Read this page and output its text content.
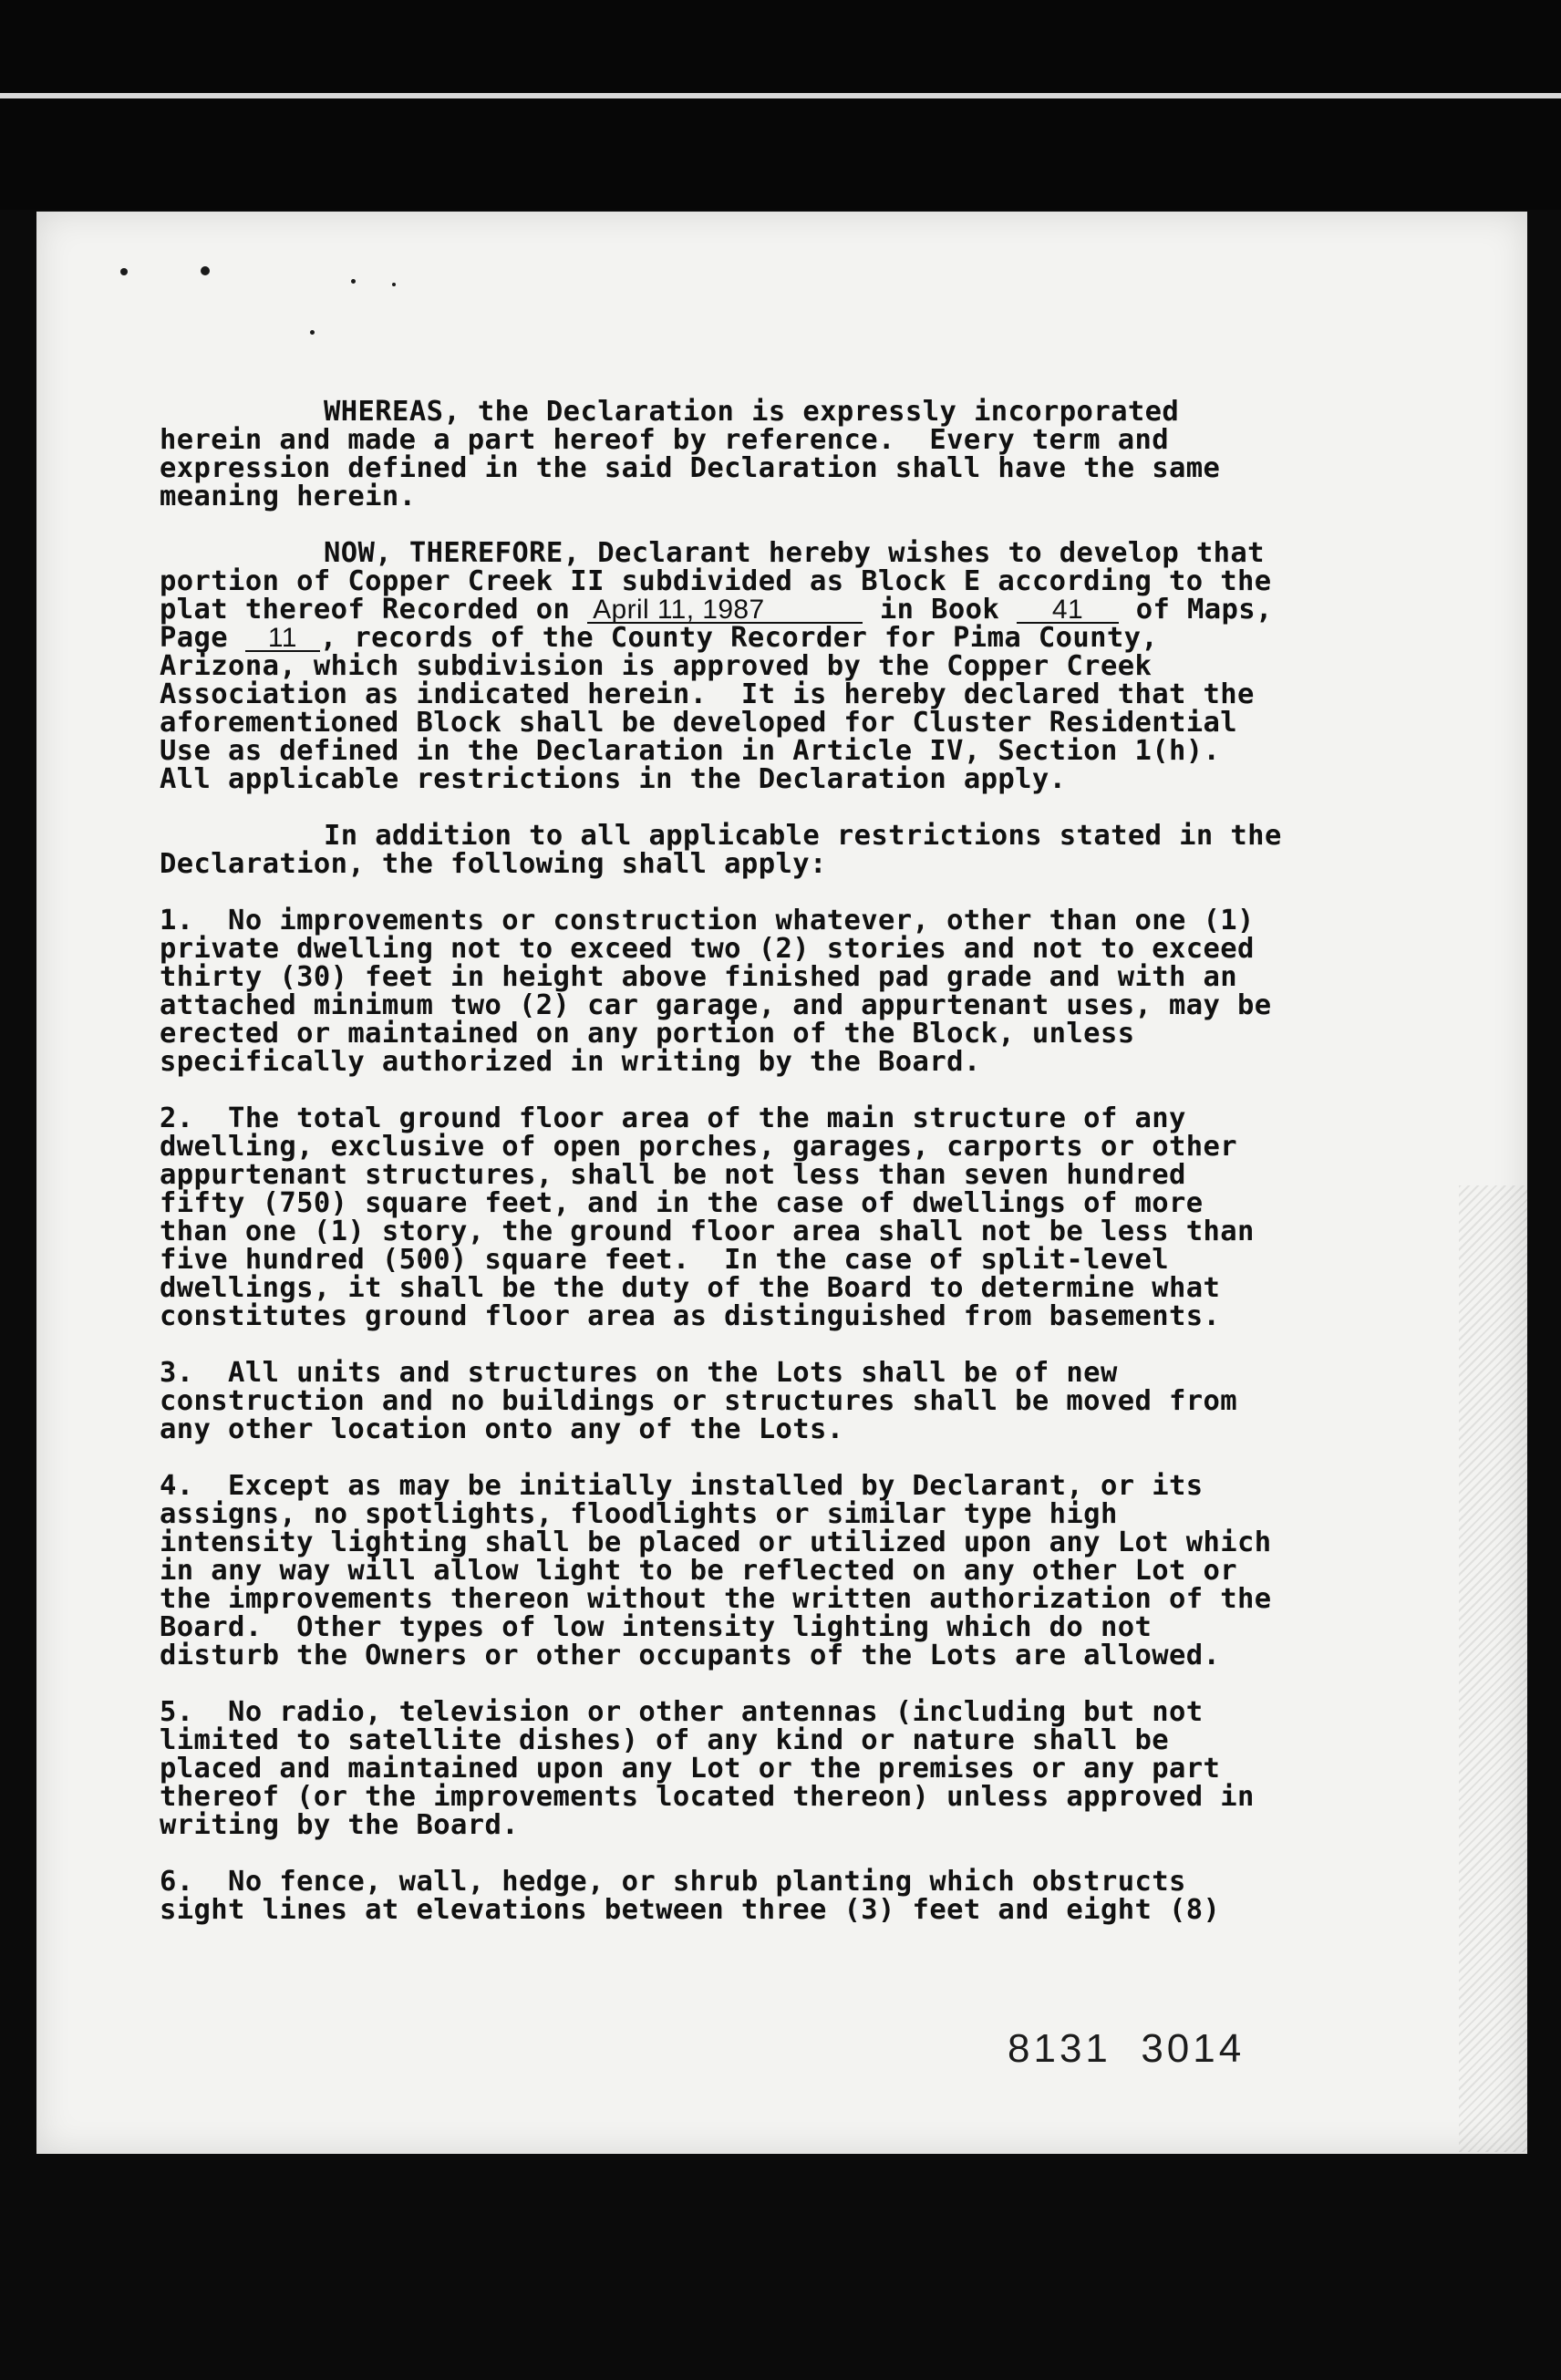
WHEREAS, the Declaration is expressly incorporated
herein and made a part hereof by reference.  Every term and
expression defined in the said Declaration shall have the same
meaning herein.
NOW, THEREFORE, Declarant hereby wishes to develop that
portion of Copper Creek II subdivided as Block E according to the
plat thereof Recorded on April 11, 1987	in Book 41 of Maps,
Page 11 , records of the County Recorder for Pima County,
Arizona, which subdivision is approved by the Copper Creek
Association as indicated herein.  It is hereby declared that the
aforementioned Block shall be developed for Cluster Residential
Use as defined in the Declaration in Article IV, Section 1(h).
All applicable restrictions in the Declaration apply.
In addition to all applicable restrictions stated in the
Declaration, the following shall apply:
1.  No improvements or construction whatever, other than one (1)
private dwelling not to exceed two (2) stories and not to exceed
thirty (30) feet in height above finished pad grade and with an
attached minimum two (2) car garage, and appurtenant uses, may be
erected or maintained on any portion of the Block, unless
specifically authorized in writing by the Board.
2.  The total ground floor area of the main structure of any
dwelling, exclusive of open porches, garages, carports or other
appurtenant structures, shall be not less than seven hundred
fifty (750) square feet, and in the case of dwellings of more
than one (1) story, the ground floor area shall not be less than
five hundred (500) square feet.  In the case of split-level
dwellings, it shall be the duty of the Board to determine what
constitutes ground floor area as distinguished from basements.
3.  All units and structures on the Lots shall be of new
construction and no buildings or structures shall be moved from
any other location onto any of the Lots.
4.  Except as may be initially installed by Declarant, or its
assigns, no spotlights, floodlights or similar type high
intensity lighting shall be placed or utilized upon any Lot which
in any way will allow light to be reflected on any other Lot or
the improvements thereon without the written authorization of the
Board.  Other types of low intensity lighting which do not
disturb the Owners or other occupants of the Lots are allowed.
5.  No radio, television or other antennas (including but not
limited to satellite dishes) of any kind or nature shall be
placed and maintained upon any Lot or the premises or any part
thereof (or the improvements located thereon) unless approved in
writing by the Board.
6.  No fence, wall, hedge, or shrub planting which obstructs
sight lines at elevations between three (3) feet and eight (8)
8131  3014
